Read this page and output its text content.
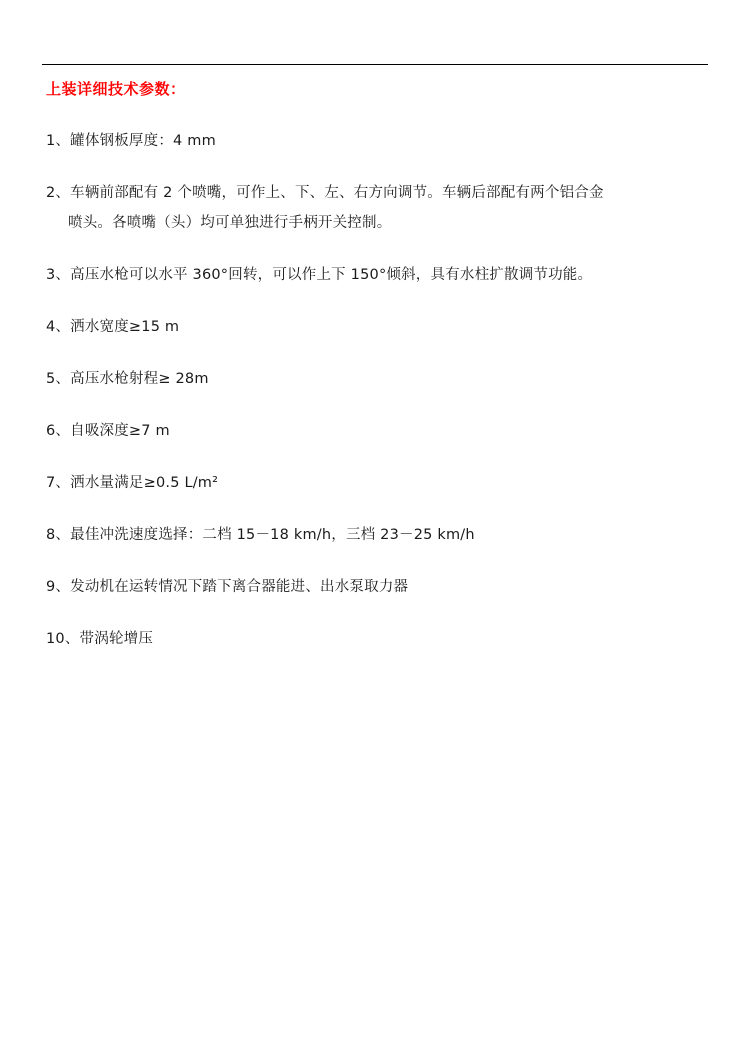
上装详细技术参数：

1、罐体钢板厚度：4 mm

2、车辆前部配有 2 个喷嘴，可作上、下、左、右方向调节。车辆后部配有两个铝合金
喷头。各喷嘴（头）均可单独进行手柄开关控制。

3、高压水枪可以水平 360°回转，可以作上下 150°倾斜，具有水柱扩散调节功能。

4、洒水宽度≥15 m

5、高压水枪射程≥ 28m

6、自吸深度≥7 m

7、洒水量满足≥0.5 L/m²

8、最佳冲洗速度选择：二档 15－18 km/h，三档 23－25 km/h

9、发动机在运转情况下踏下离合器能进、出水泵取力器

10、带涡轮增压
